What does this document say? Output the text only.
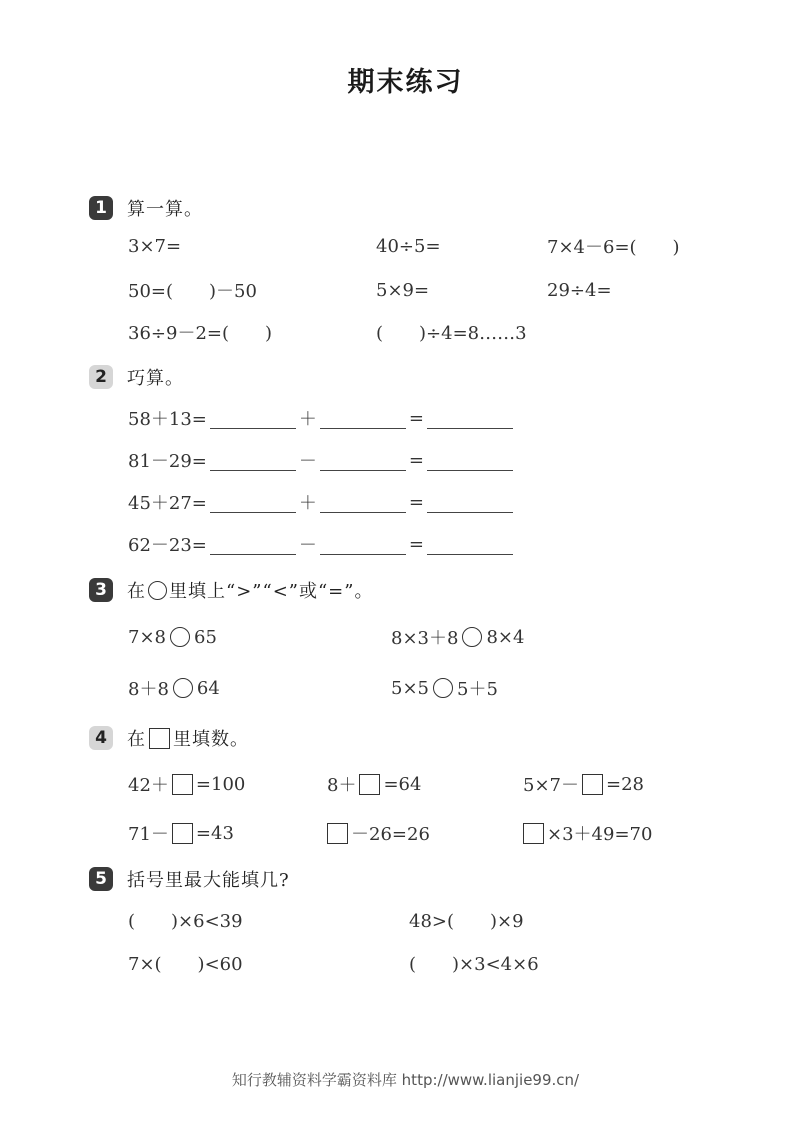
期末练习
1	算一算。
3×7=	40÷5=	7×4－6=(　　)
50=(　　)－50	5×9=	29÷4=
36÷9－2=(　　)	(　　)÷4=8……3
2	巧算。
58＋13=	＋	=
81－29=	－	=
45＋27=	＋	=
62－23=	－	=
3	在 里填上“>”“<”或“=”。
7×8 65	8×3＋8 8×4
8＋8 64	5×5 5＋5
4	在 里填数。
42＋ =100	8＋ =64	5×7－ =28
71－ =43	－26=26	×3＋49=70
5	括号里最大能填几?
(　　)×6<39	48>(　　)×9
7×(　　)<60	(　　)×3<4×6
知行教辅资料学霸资料库 http://www.lianjie99.cn/
